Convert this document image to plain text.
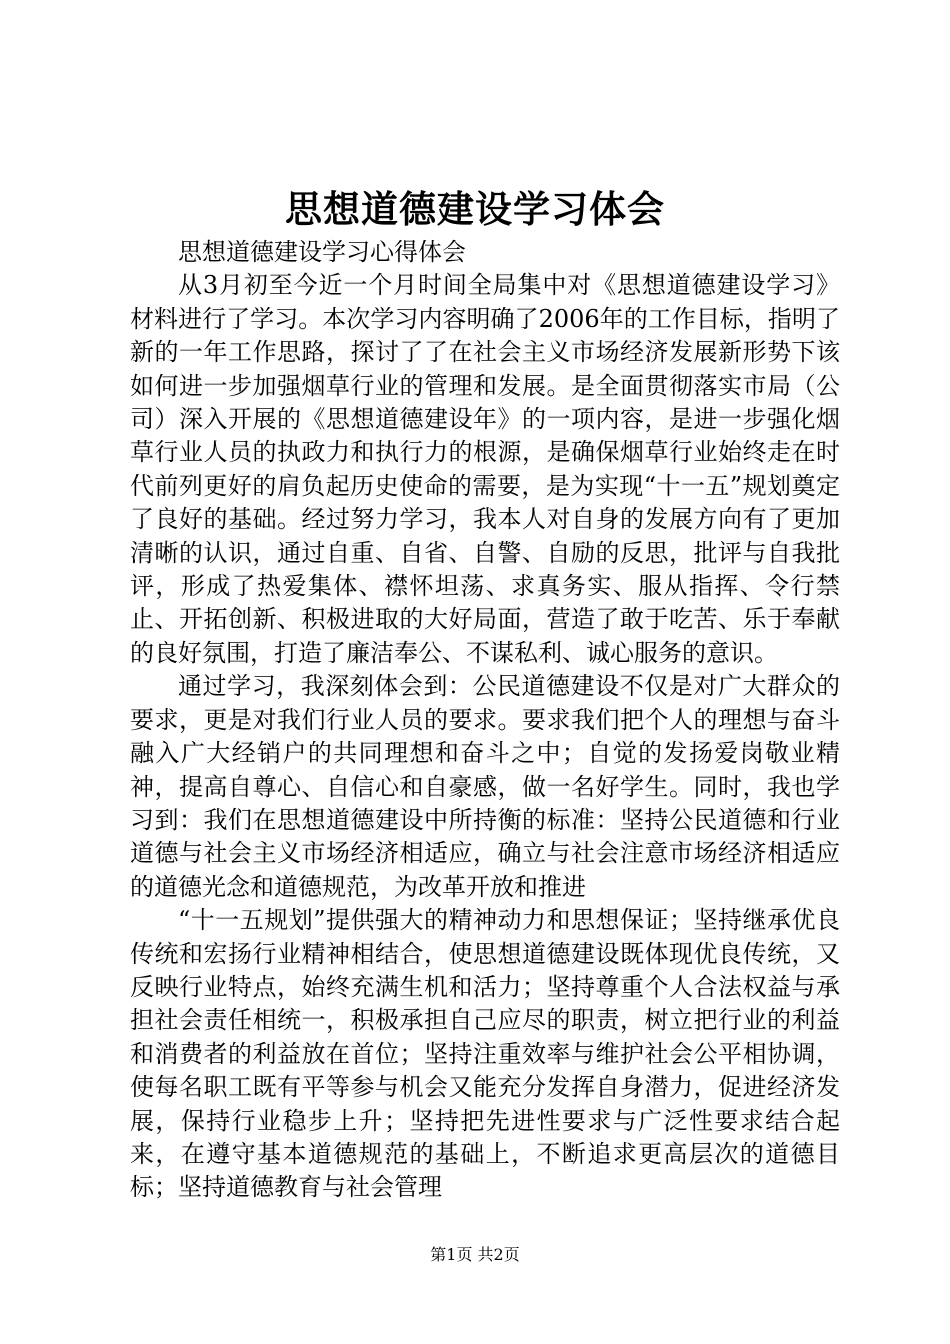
思想道德建设学习体会

思想道德建设学习心得体会

从3月初至今近一个月时间全局集中对《思想道德建设学习》材料进行了学习。本次学习内容明确了2006年的工作目标，指明了新的一年工作思路，探讨了了在社会主义市场经济发展新形势下该如何进一步加强烟草行业的管理和发展。是全面贯彻落实市局（公司）深入开展的《思想道德建设年》的一项内容，是进一步强化烟草行业人员的执政力和执行力的根源，是确保烟草行业始终走在时代前列更好的肩负起历史使命的需要，是为实现“十一五”规划奠定了良好的基础。经过努力学习，我本人对自身的发展方向有了更加清晰的认识，通过自重、自省、自警、自励的反思，批评与自我批评，形成了热爱集体、襟怀坦荡、求真务实、服从指挥、令行禁止、开拓创新、积极进取的大好局面，营造了敢于吃苦、乐于奉献的良好氛围，打造了廉洁奉公、不谋私利、诚心服务的意识。

通过学习，我深刻体会到：公民道德建设不仅是对广大群众的要求，更是对我们行业人员的要求。要求我们把个人的理想与奋斗融入广大经销户的共同理想和奋斗之中；自觉的发扬爱岗敬业精神，提高自尊心、自信心和自豪感，做一名好学生。同时，我也学习到：我们在思想道德建设中所持衡的标准：坚持公民道德和行业道德与社会主义市场经济相适应，确立与社会注意市场经济相适应的道德光念和道德规范，为改革开放和推进

“十一五规划”提供强大的精神动力和思想保证；坚持继承优良传统和宏扬行业精神相结合，使思想道德建设既体现优良传统，又反映行业特点，始终充满生机和活力；坚持尊重个人合法权益与承担社会责任相统一，积极承担自己应尽的职责，树立把行业的利益和消费者的利益放在首位；坚持注重效率与维护社会公平相协调，使每名职工既有平等参与机会又能充分发挥自身潜力，促进经济发展，保持行业稳步上升；坚持把先进性要求与广泛性要求结合起来，在遵守基本道德规范的基础上，不断追求更高层次的道德目标；坚持道德教育与社会管理

第1页 共2页
